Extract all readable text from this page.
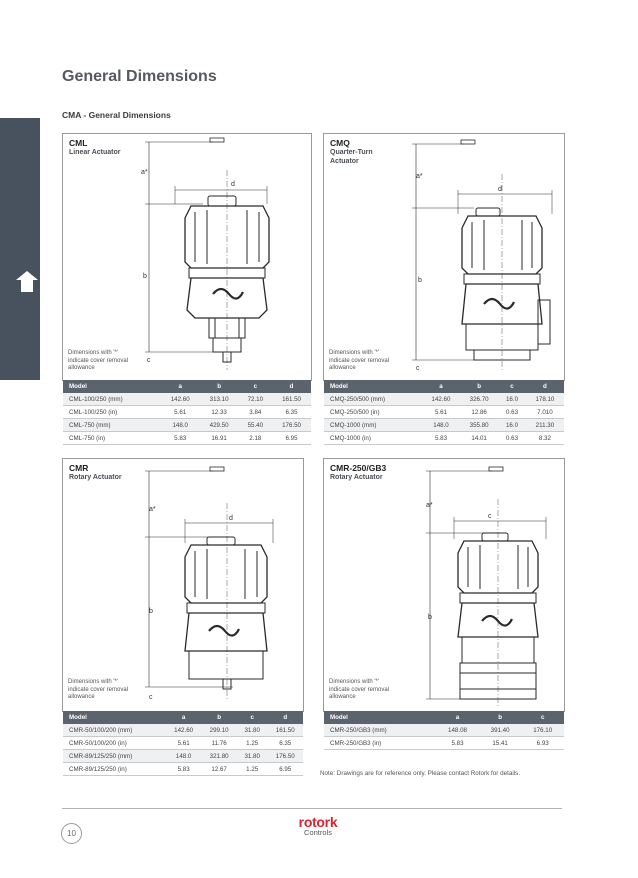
General Dimensions
CMA - General Dimensions
CML
Linear Actuator
a*
d
b
c
Dimensions with '*' indicate cover removal allowance
Model	a	b	c	d
CML-100/250 (mm)	142.60	313.10	72.10	161.50
CML-100/250 (in)	5.61	12.33	3.84	6.35
CML-750 (mm)	148.0	429.50	55.40	176.50
CML-750 (in)	5.83	16.91	2.18	6.95
CMQ
Quarter-Turn Actuator
a*
d
b
c
Dimensions with '*' indicate cover removal allowance
Model	a	b	c	d
CMQ-250/500 (mm)	142.60	326.70	16.0	178.10
CMQ-250/500 (in)	5.61	12.86	0.63	7.010
CMQ-1000 (mm)	148.0	355.80	16.0	211.30
CMQ-1000 (in)	5.83	14.01	0.63	8.32
CMR
Rotary Actuator
a*
d
b
c
Dimensions with '*' indicate cover removal allowance
Model	a	b	c	d
CMR-50/100/200 (mm)	142.60	299.10	31.80	161.50
CMR-50/100/200 (in)	5.61	11.76	1.25	6.35
CMR-89/125/250 (mm)	148.0	321.80	31.80	176.50
CMR-89/125/250 (in)	5.83	12.67	1.25	6.95
CMR-250/GB3
Rotary Actuator
a*
c
b
Dimensions with '*' indicate cover removal allowance
Model	a	b	c
CMR-250/GB3 (mm)	148.08	391.40	176.10
CMR-250/GB3 (in)	5.83	15.41	6.93
Note: Drawings are for reference only. Please contact Rotork for details.
10
rotork
Controls
